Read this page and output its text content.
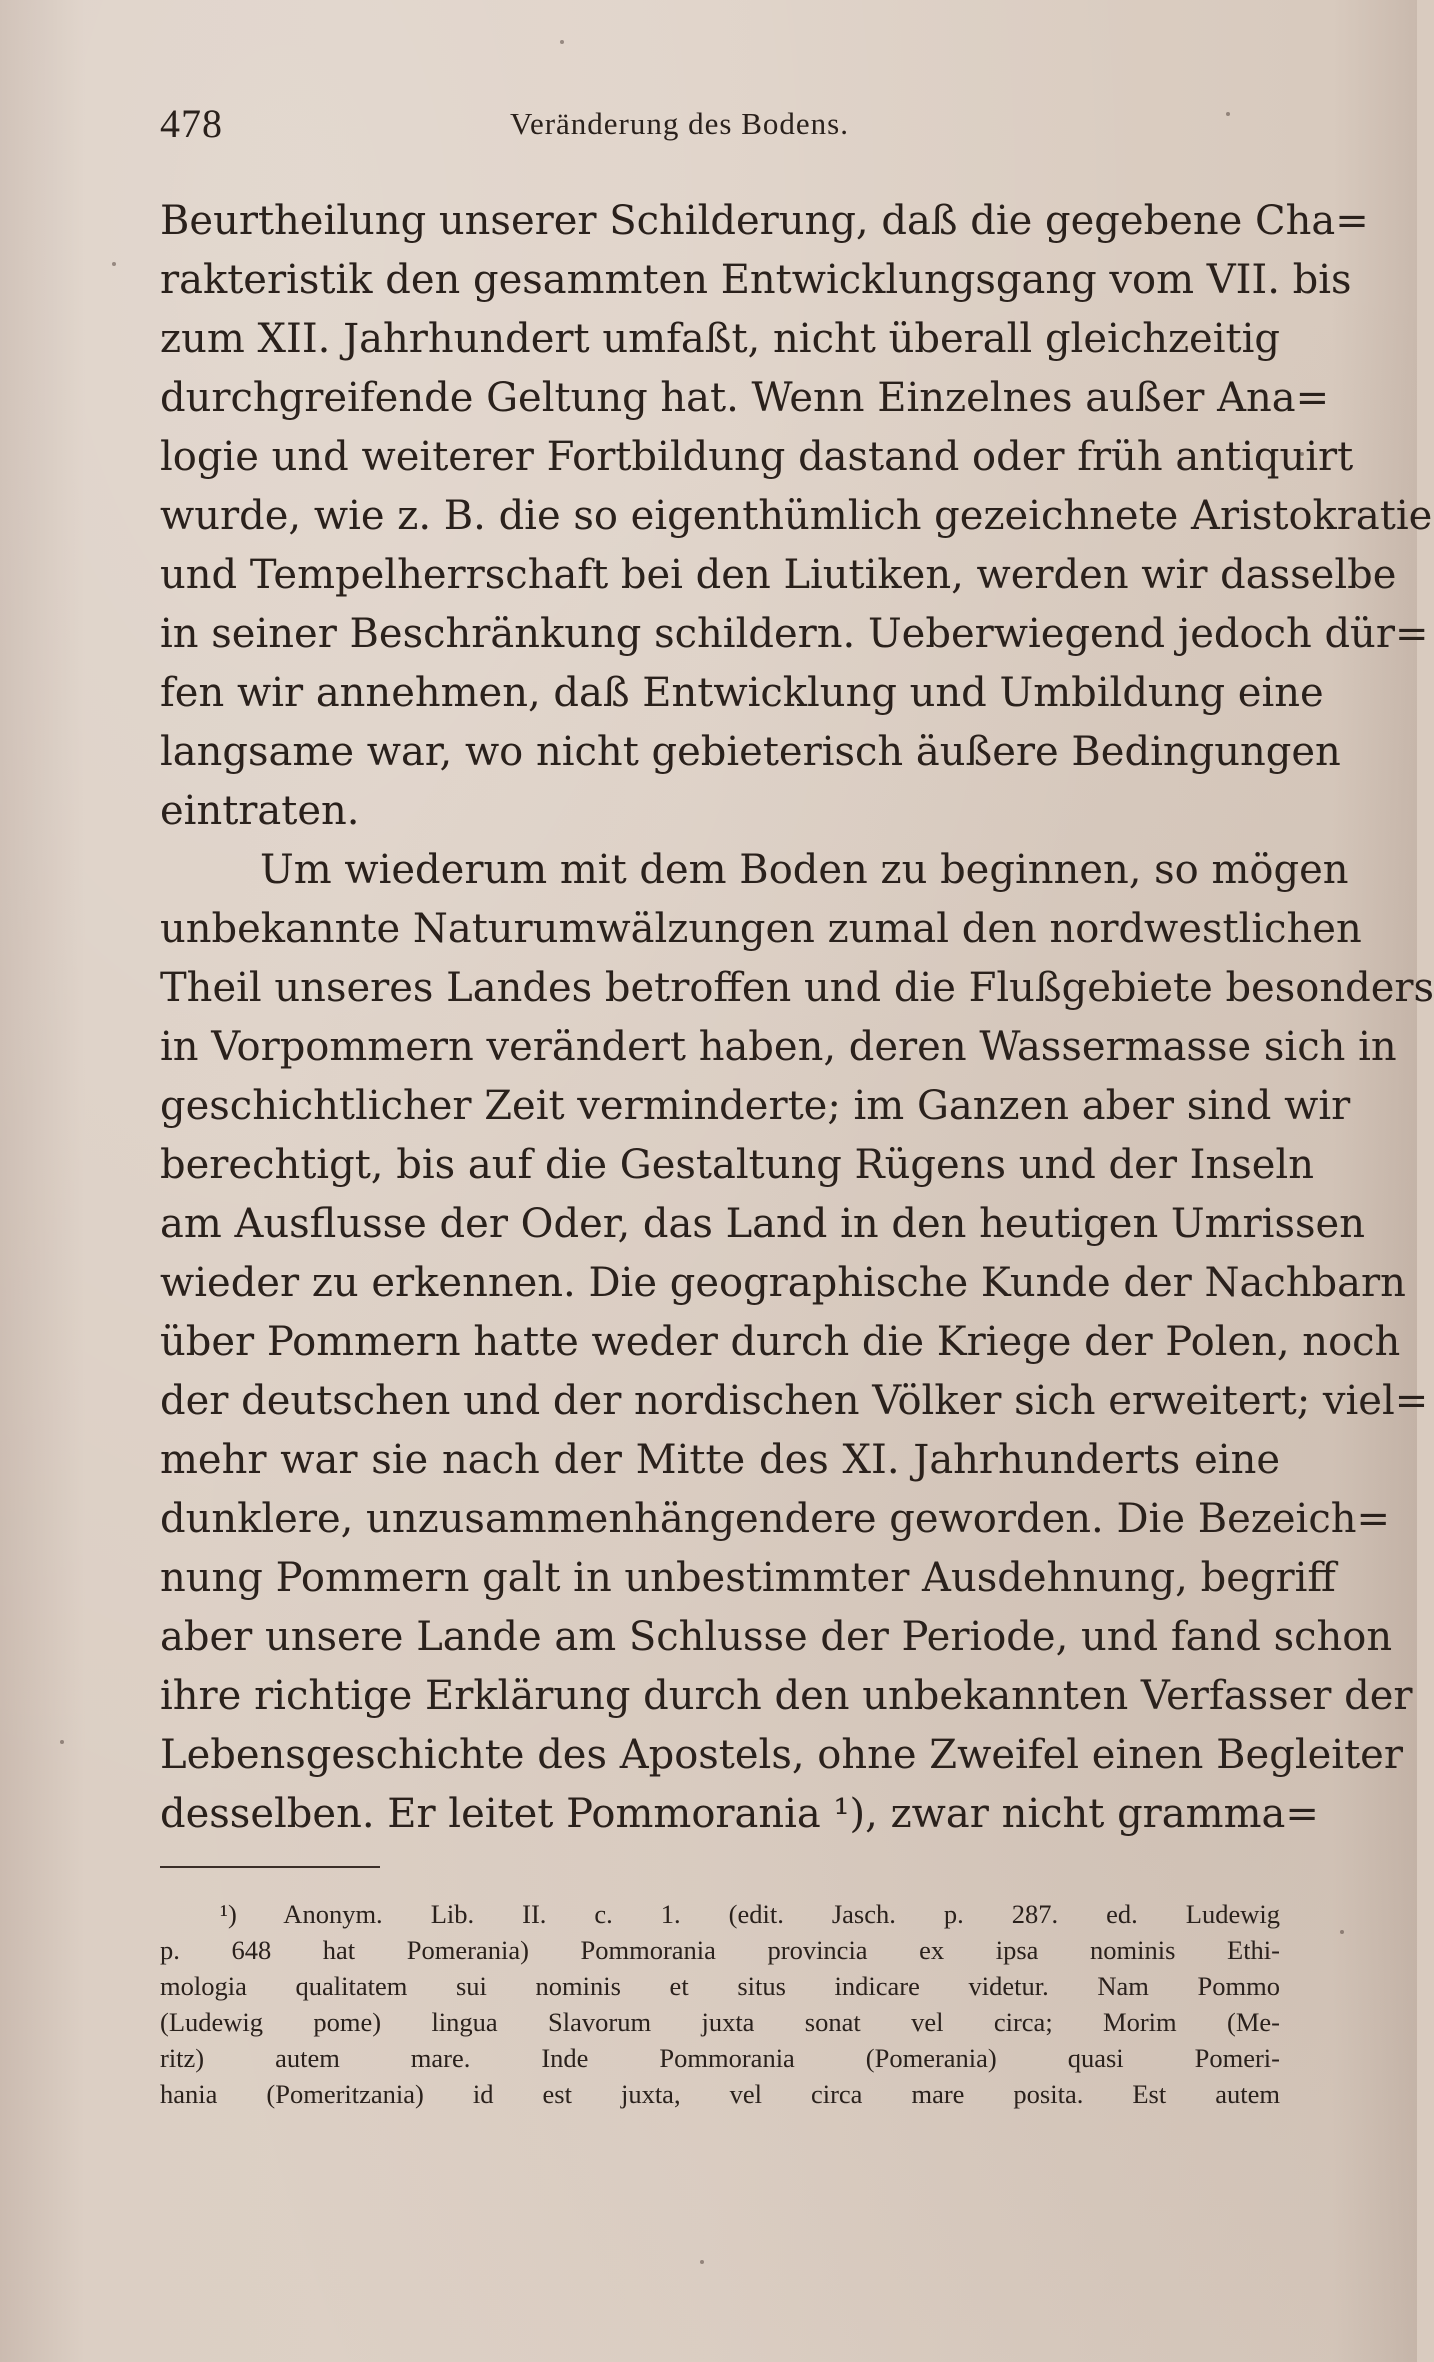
478	Veränderung des Bodens.
Beurtheilung unserer Schilderung, daß die gegebene Cha=
rakteristik den gesammten Entwicklungsgang vom VII. bis
zum XII. Jahrhundert umfaßt, nicht überall gleichzeitig
durchgreifende Geltung hat. Wenn Einzelnes außer Ana=
logie und weiterer Fortbildung dastand oder früh antiquirt
wurde, wie z. B. die so eigenthümlich gezeichnete Aristokratie
und Tempelherrschaft bei den Liutiken, werden wir dasselbe
in seiner Beschränkung schildern. Ueberwiegend jedoch dür=
fen wir annehmen, daß Entwicklung und Umbildung eine
langsame war, wo nicht gebieterisch äußere Bedingungen
eintraten.
Um wiederum mit dem Boden zu beginnen, so mögen
unbekannte Naturumwälzungen zumal den nordwestlichen
Theil unseres Landes betroffen und die Flußgebiete besonders
in Vorpommern verändert haben, deren Wassermasse sich in
geschichtlicher Zeit verminderte; im Ganzen aber sind wir
berechtigt, bis auf die Gestaltung Rügens und der Inseln
am Ausflusse der Oder, das Land in den heutigen Umrissen
wieder zu erkennen. Die geographische Kunde der Nachbarn
über Pommern hatte weder durch die Kriege der Polen, noch
der deutschen und der nordischen Völker sich erweitert; viel=
mehr war sie nach der Mitte des XI. Jahrhunderts eine
dunklere, unzusammenhängendere geworden. Die Bezeich=
nung Pommern galt in unbestimmter Ausdehnung, begriff
aber unsere Lande am Schlusse der Periode, und fand schon
ihre richtige Erklärung durch den unbekannten Verfasser der
Lebensgeschichte des Apostels, ohne Zweifel einen Begleiter
desselben. Er leitet Pommorania ¹), zwar nicht gramma=
¹) Anonym. Lib. II. c. 1. (edit. Jasch. p. 287. ed. Ludewig
p. 648 hat Pomerania) Pommorania provincia ex ipsa nominis Ethi-
mologia qualitatem sui nominis et situs indicare videtur. Nam Pommo
(Ludewig pome) lingua Slavorum juxta sonat vel circa; Morim (Me-
ritz) autem mare. Inde Pommorania (Pomerania) quasi Pomeri-
hania (Pomeritzania) id est juxta, vel circa mare posita. Est autem
